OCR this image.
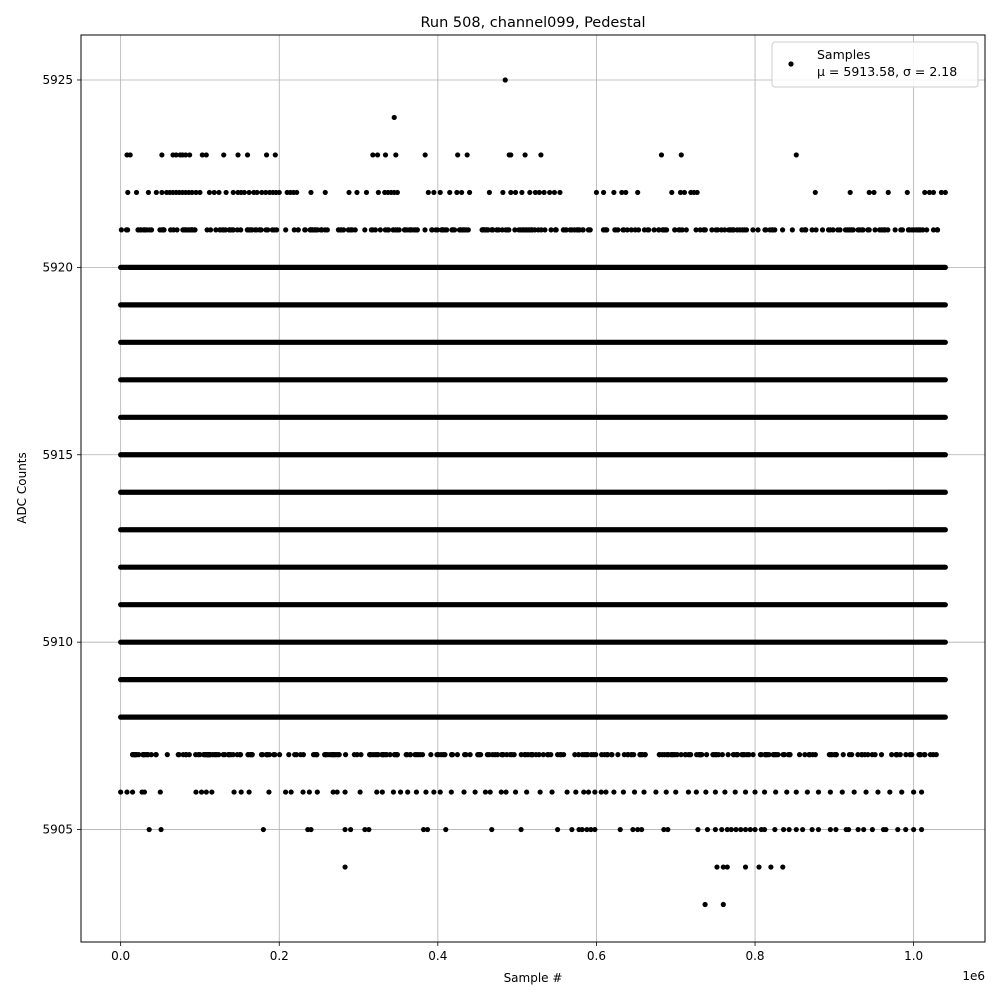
0.0	0.2	0.4	0.6	0.8	1.0
5905
5910
5915
5920
5925
Run 508, channel099, Pedestal
Sample #
ADC Counts
1e6
Samples
μ = 5913.58, σ = 2.18
